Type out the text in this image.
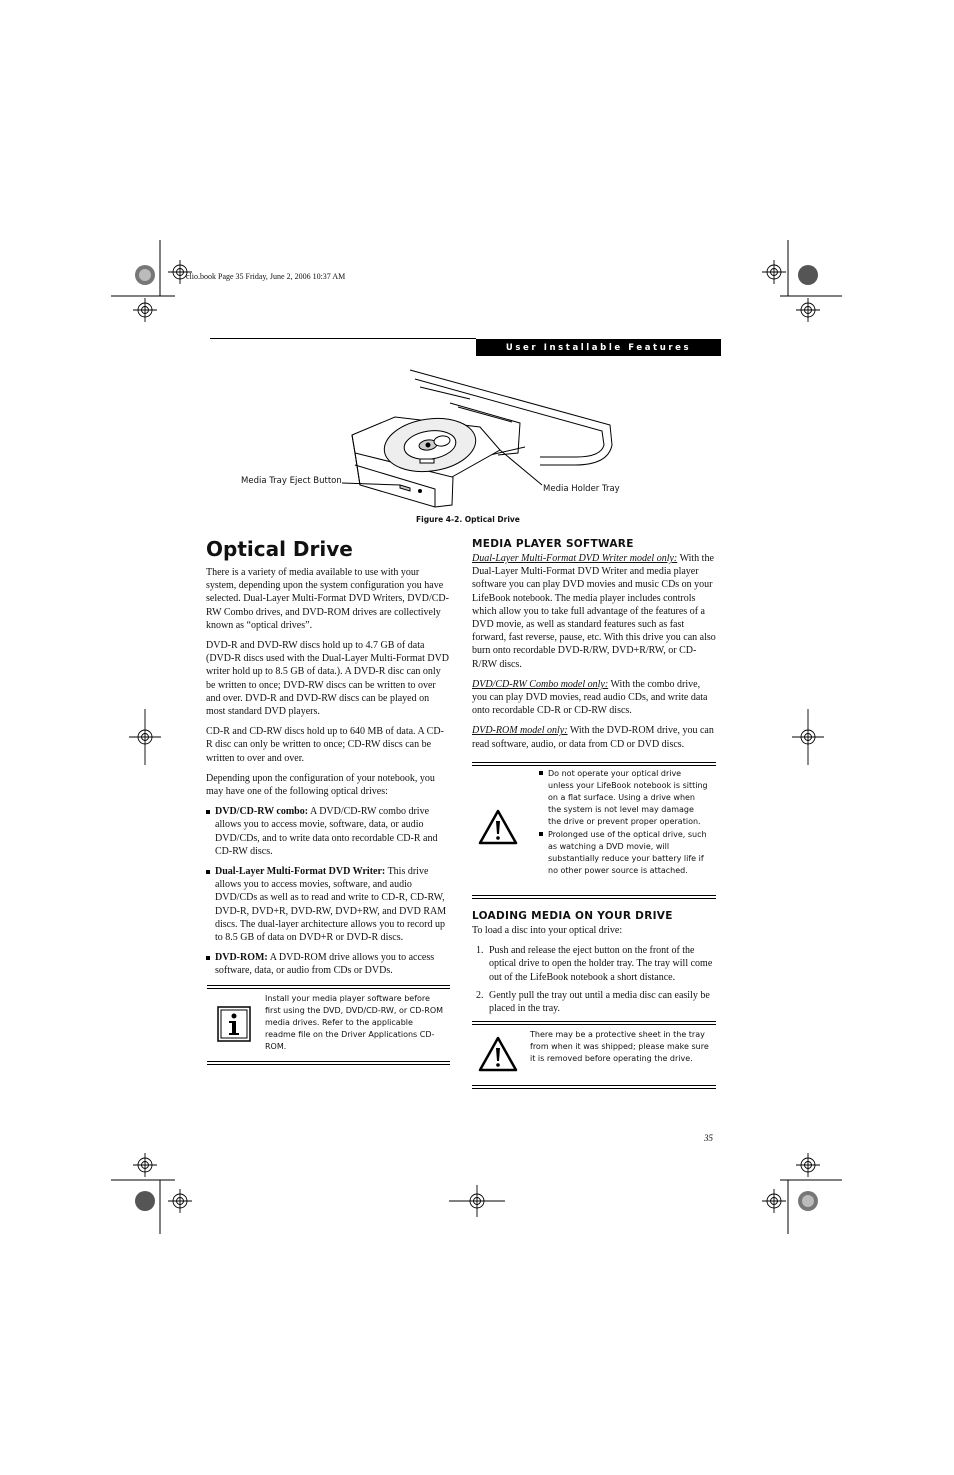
clio.book Page 35 Friday, June 2, 2006 10:37 AM
User Installable Features
Media Tray Eject Button
Media Holder Tray
Figure 4-2. Optical Drive
Optical Drive

There is a variety of media available to use with your system, depending upon the system configuration you have selected. Dual-Layer Multi-Format DVD Writers, DVD/CD-RW Combo drives, and DVD-ROM drives are collectively known as “optical drives”.

DVD-R and DVD-RW discs hold up to 4.7 GB of data (DVD-R discs used with the Dual-Layer Multi-Format DVD writer hold up to 8.5 GB of data.). A DVD-R disc can only be written to once; DVD-RW discs can be written to over and over. DVD-R and DVD-RW discs can be played on most standard DVD players.

CD-R and CD-RW discs hold up to 640 MB of data. A CD-R disc can only be written to once; CD-RW discs can be written to over and over.

Depending upon the configuration of your notebook, you may have one of the following optical drives:

DVD/CD-RW combo: A DVD/CD-RW combo drive allows you to access movie, software, data, or audio DVD/CDs, and to write data onto recordable CD-R and CD-RW discs.
Dual-Layer Multi-Format DVD Writer: This drive allows you to access movies, software, and audio DVD/CDs as well as to read and write to CD-R, CD-RW, DVD-R, DVD+R, DVD-RW, DVD+RW, and DVD RAM discs. The dual-layer architecture allows you to record up to 8.5 GB of data on DVD+R or DVD-R discs.
DVD-ROM: A DVD-ROM drive allows you to access software, data, or audio from CDs or DVDs.
Install your media player software before first using the DVD, DVD/CD-RW, or CD-ROM media drives. Refer to the applicable readme file on the Driver Applications CD-ROM.
MEDIA PLAYER SOFTWARE

Dual-Layer Multi-Format DVD Writer model only: With the Dual-Layer Multi-Format DVD Writer and media player software you can play DVD movies and music CDs on your LifeBook notebook. The media player includes controls which allow you to take full advantage of the features of a DVD movie, as well as standard features such as fast forward, fast reverse, pause, etc. With this drive you can also burn onto recordable DVD-R/RW, DVD+R/RW, or CD-R/RW discs.

DVD/CD-RW Combo model only: With the combo drive, you can play DVD movies, read audio CDs, and write data onto recordable CD-R or CD-RW discs.

DVD-ROM model only: With the DVD-ROM drive, you can read software, audio, or data from CD or DVD discs.

Do not operate your optical drive unless your LifeBook notebook is sitting on a flat surface. Using a drive when the system is not level may damage the drive or prevent proper operation.
Prolonged use of the optical drive, such as watching a DVD movie, will substantially reduce your battery life if no other power source is attached.
LOADING MEDIA ON YOUR DRIVE

To load a disc into your optical drive:

1. Push and release the eject button on the front of the optical drive to open the holder tray. The tray will come out of the LifeBook notebook a short distance.
2. Gently pull the tray out until a media disc can easily be placed in the tray.
There may be a protective sheet in the tray from when it was shipped; please make sure it is removed before operating the drive.
35
